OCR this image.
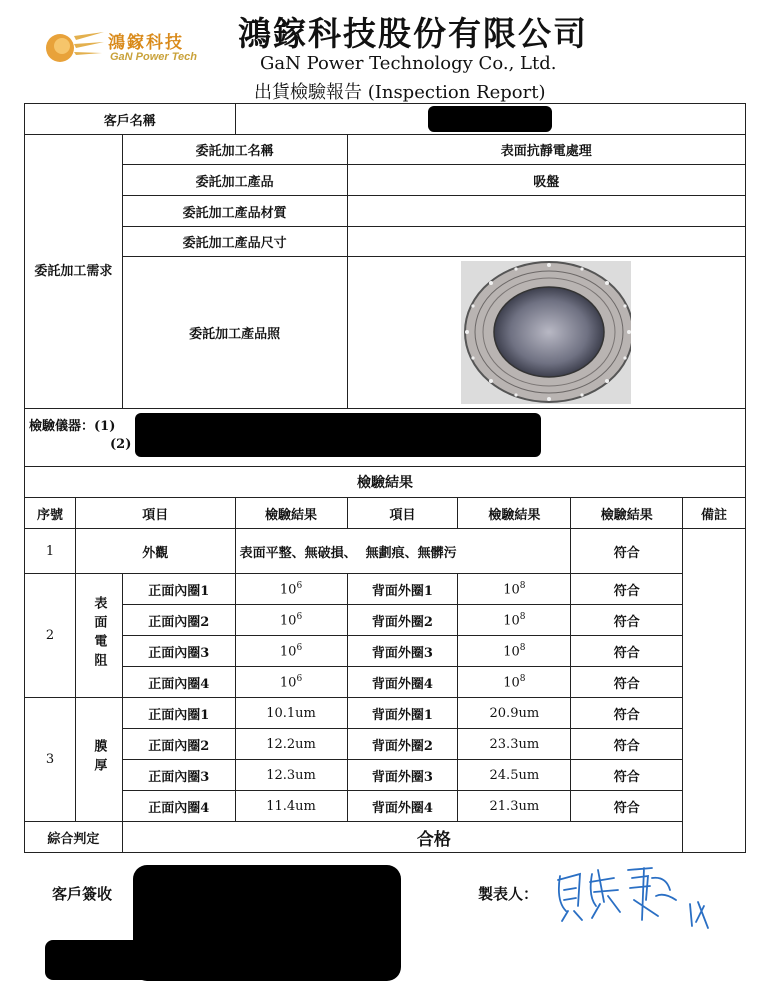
鴻鎵科技
GaN Power Tech
鴻鎵科技股份有限公司
GaN Power Technology Co., Ltd.
出貨檢驗報告 (Inspection Report)
客戶名稱							

委託加工需求		委託加工名稱		表面抗靜電處理			
		委託加工產品		吸盤			
		委託加工產品材質					
		委託加工產品尺寸					
		委託加工產品照	

檢驗儀器：(1)
(2)							

檢驗結果							
序號	項目		檢驗結果	項目	檢驗結果	檢驗結果	備註
1	外觀		表面平整、無破損、  無劃痕、無髒污			符合	
2	表面電阻	正面內圈1	$10^6$	背面外圈1	$10^8$	符合	
		正面內圈2	$10^6$	背面外圈2	$10^8$	符合	
		正面內圈3	$10^6$	背面外圈3	$10^8$	符合	
		正面內圈4	$10^6$	背面外圈4	$10^8$	符合	
3	膜厚	正面內圈1	10.1um	背面外圈1	20.9um	符合	
		正面內圈2	12.2um	背面外圈2	23.3um	符合	
		正面內圈3	12.3um	背面外圈3	24.5um	符合	
		正面內圈4	11.4um	背面外圈4	21.3um	符合	
綜合判定		合格					
客戶簽收	製表人：
